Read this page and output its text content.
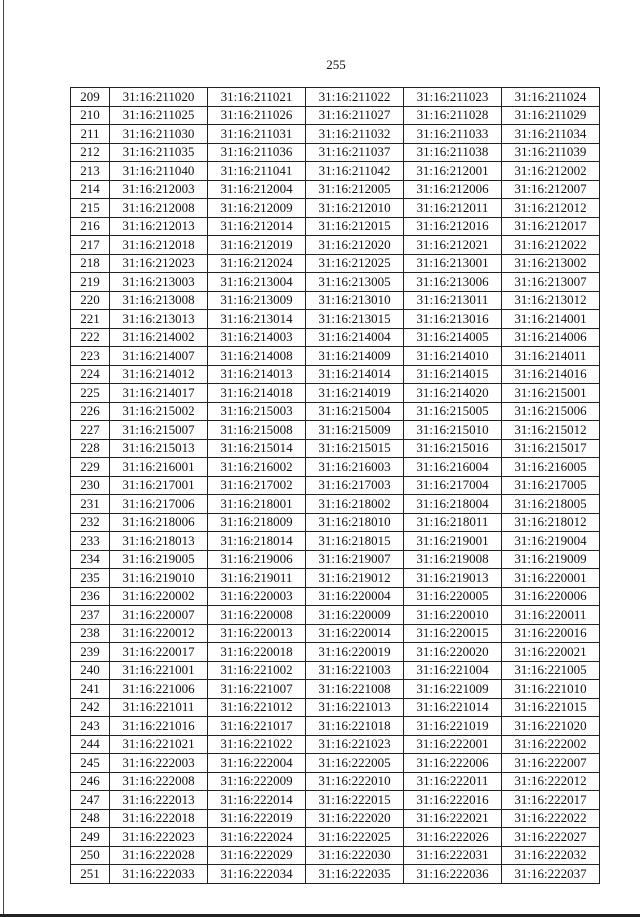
255
209	31:16:211020	31:16:211021	31:16:211022	31:16:211023	31:16:211024
210	31:16:211025	31:16:211026	31:16:211027	31:16:211028	31:16:211029
211	31:16:211030	31:16:211031	31:16:211032	31:16:211033	31:16:211034
212	31:16:211035	31:16:211036	31:16:211037	31:16:211038	31:16:211039
213	31:16:211040	31:16:211041	31:16:211042	31:16:212001	31:16:212002
214	31:16:212003	31:16:212004	31:16:212005	31:16:212006	31:16:212007
215	31:16:212008	31:16:212009	31:16:212010	31:16:212011	31:16:212012
216	31:16:212013	31:16:212014	31:16:212015	31:16:212016	31:16:212017
217	31:16:212018	31:16:212019	31:16:212020	31:16:212021	31:16:212022
218	31:16:212023	31:16:212024	31:16:212025	31:16:213001	31:16:213002
219	31:16:213003	31:16:213004	31:16:213005	31:16:213006	31:16:213007
220	31:16:213008	31:16:213009	31:16:213010	31:16:213011	31:16:213012
221	31:16:213013	31:16:213014	31:16:213015	31:16:213016	31:16:214001
222	31:16:214002	31:16:214003	31:16:214004	31:16:214005	31:16:214006
223	31:16:214007	31:16:214008	31:16:214009	31:16:214010	31:16:214011
224	31:16:214012	31:16:214013	31:16:214014	31:16:214015	31:16:214016
225	31:16:214017	31:16:214018	31:16:214019	31:16:214020	31:16:215001
226	31:16:215002	31:16:215003	31:16:215004	31:16:215005	31:16:215006
227	31:16:215007	31:16:215008	31:16:215009	31:16:215010	31:16:215012
228	31:16:215013	31:16:215014	31:16:215015	31:16:215016	31:16:215017
229	31:16:216001	31:16:216002	31:16:216003	31:16:216004	31:16:216005
230	31:16:217001	31:16:217002	31:16:217003	31:16:217004	31:16:217005
231	31:16:217006	31:16:218001	31:16:218002	31:16:218004	31:16:218005
232	31:16:218006	31:16:218009	31:16:218010	31:16:218011	31:16:218012
233	31:16:218013	31:16:218014	31:16:218015	31:16:219001	31:16:219004
234	31:16:219005	31:16:219006	31:16:219007	31:16:219008	31:16:219009
235	31:16:219010	31:16:219011	31:16:219012	31:16:219013	31:16:220001
236	31:16:220002	31:16:220003	31:16:220004	31:16:220005	31:16:220006
237	31:16:220007	31:16:220008	31:16:220009	31:16:220010	31:16:220011
238	31:16:220012	31:16:220013	31:16:220014	31:16:220015	31:16:220016
239	31:16:220017	31:16:220018	31:16:220019	31:16:220020	31:16:220021
240	31:16:221001	31:16:221002	31:16:221003	31:16:221004	31:16:221005
241	31:16:221006	31:16:221007	31:16:221008	31:16:221009	31:16:221010
242	31:16:221011	31:16:221012	31:16:221013	31:16:221014	31:16:221015
243	31:16:221016	31:16:221017	31:16:221018	31:16:221019	31:16:221020
244	31:16:221021	31:16:221022	31:16:221023	31:16:222001	31:16:222002
245	31:16:222003	31:16:222004	31:16:222005	31:16:222006	31:16:222007
246	31:16:222008	31:16:222009	31:16:222010	31:16:222011	31:16:222012
247	31:16:222013	31:16:222014	31:16:222015	31:16:222016	31:16:222017
248	31:16:222018	31:16:222019	31:16:222020	31:16:222021	31:16:222022
249	31:16:222023	31:16:222024	31:16:222025	31:16:222026	31:16:222027
250	31:16:222028	31:16:222029	31:16:222030	31:16:222031	31:16:222032
251	31:16:222033	31:16:222034	31:16:222035	31:16:222036	31:16:222037
